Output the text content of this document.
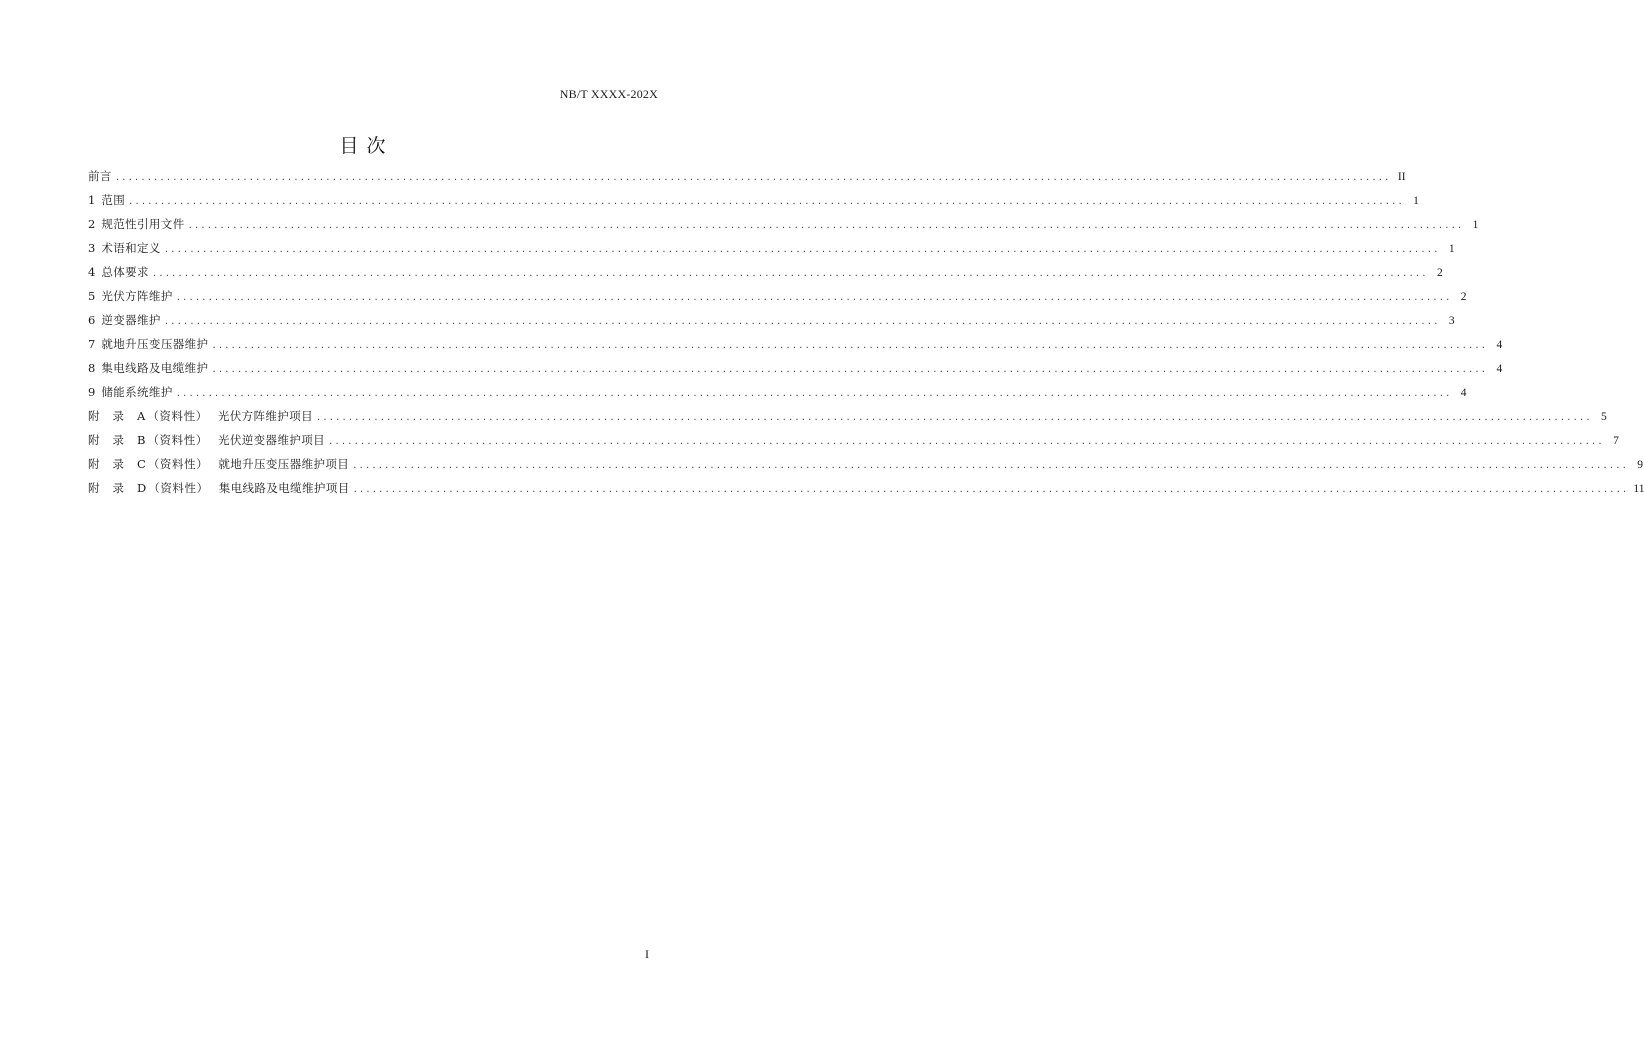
NB/T XXXX-202X
目次
前言 ........................................................................................................................................................................................................ II
1 范围 ........................................................................................................................................................................................................ 1
2 规范性引用文件 ........................................................................................................................................................................................................ 1
3 术语和定义 ........................................................................................................................................................................................................ 1
4 总体要求 ........................................................................................................................................................................................................ 2
5 光伏方阵维护 ........................................................................................................................................................................................................ 2
6 逆变器维护 ........................................................................................................................................................................................................ 3
7 就地升压变压器维护 ........................................................................................................................................................................................................ 4
8 集电线路及电缆维护 ........................................................................................................................................................................................................ 4
9 储能系统维护 ........................................................................................................................................................................................................ 4
附录 A （资料性） 光伏方阵维护项目 ........................................................................................................................................................................................................ 5
附录 B （资料性） 光伏逆变器维护项目 ........................................................................................................................................................................................................ 7
附录 C （资料性） 就地升压变压器维护项目 ........................................................................................................................................................................................................ 9
附录 D （资料性） 集电线路及电缆维护项目 ........................................................................................................................................................................................................ 11
I
